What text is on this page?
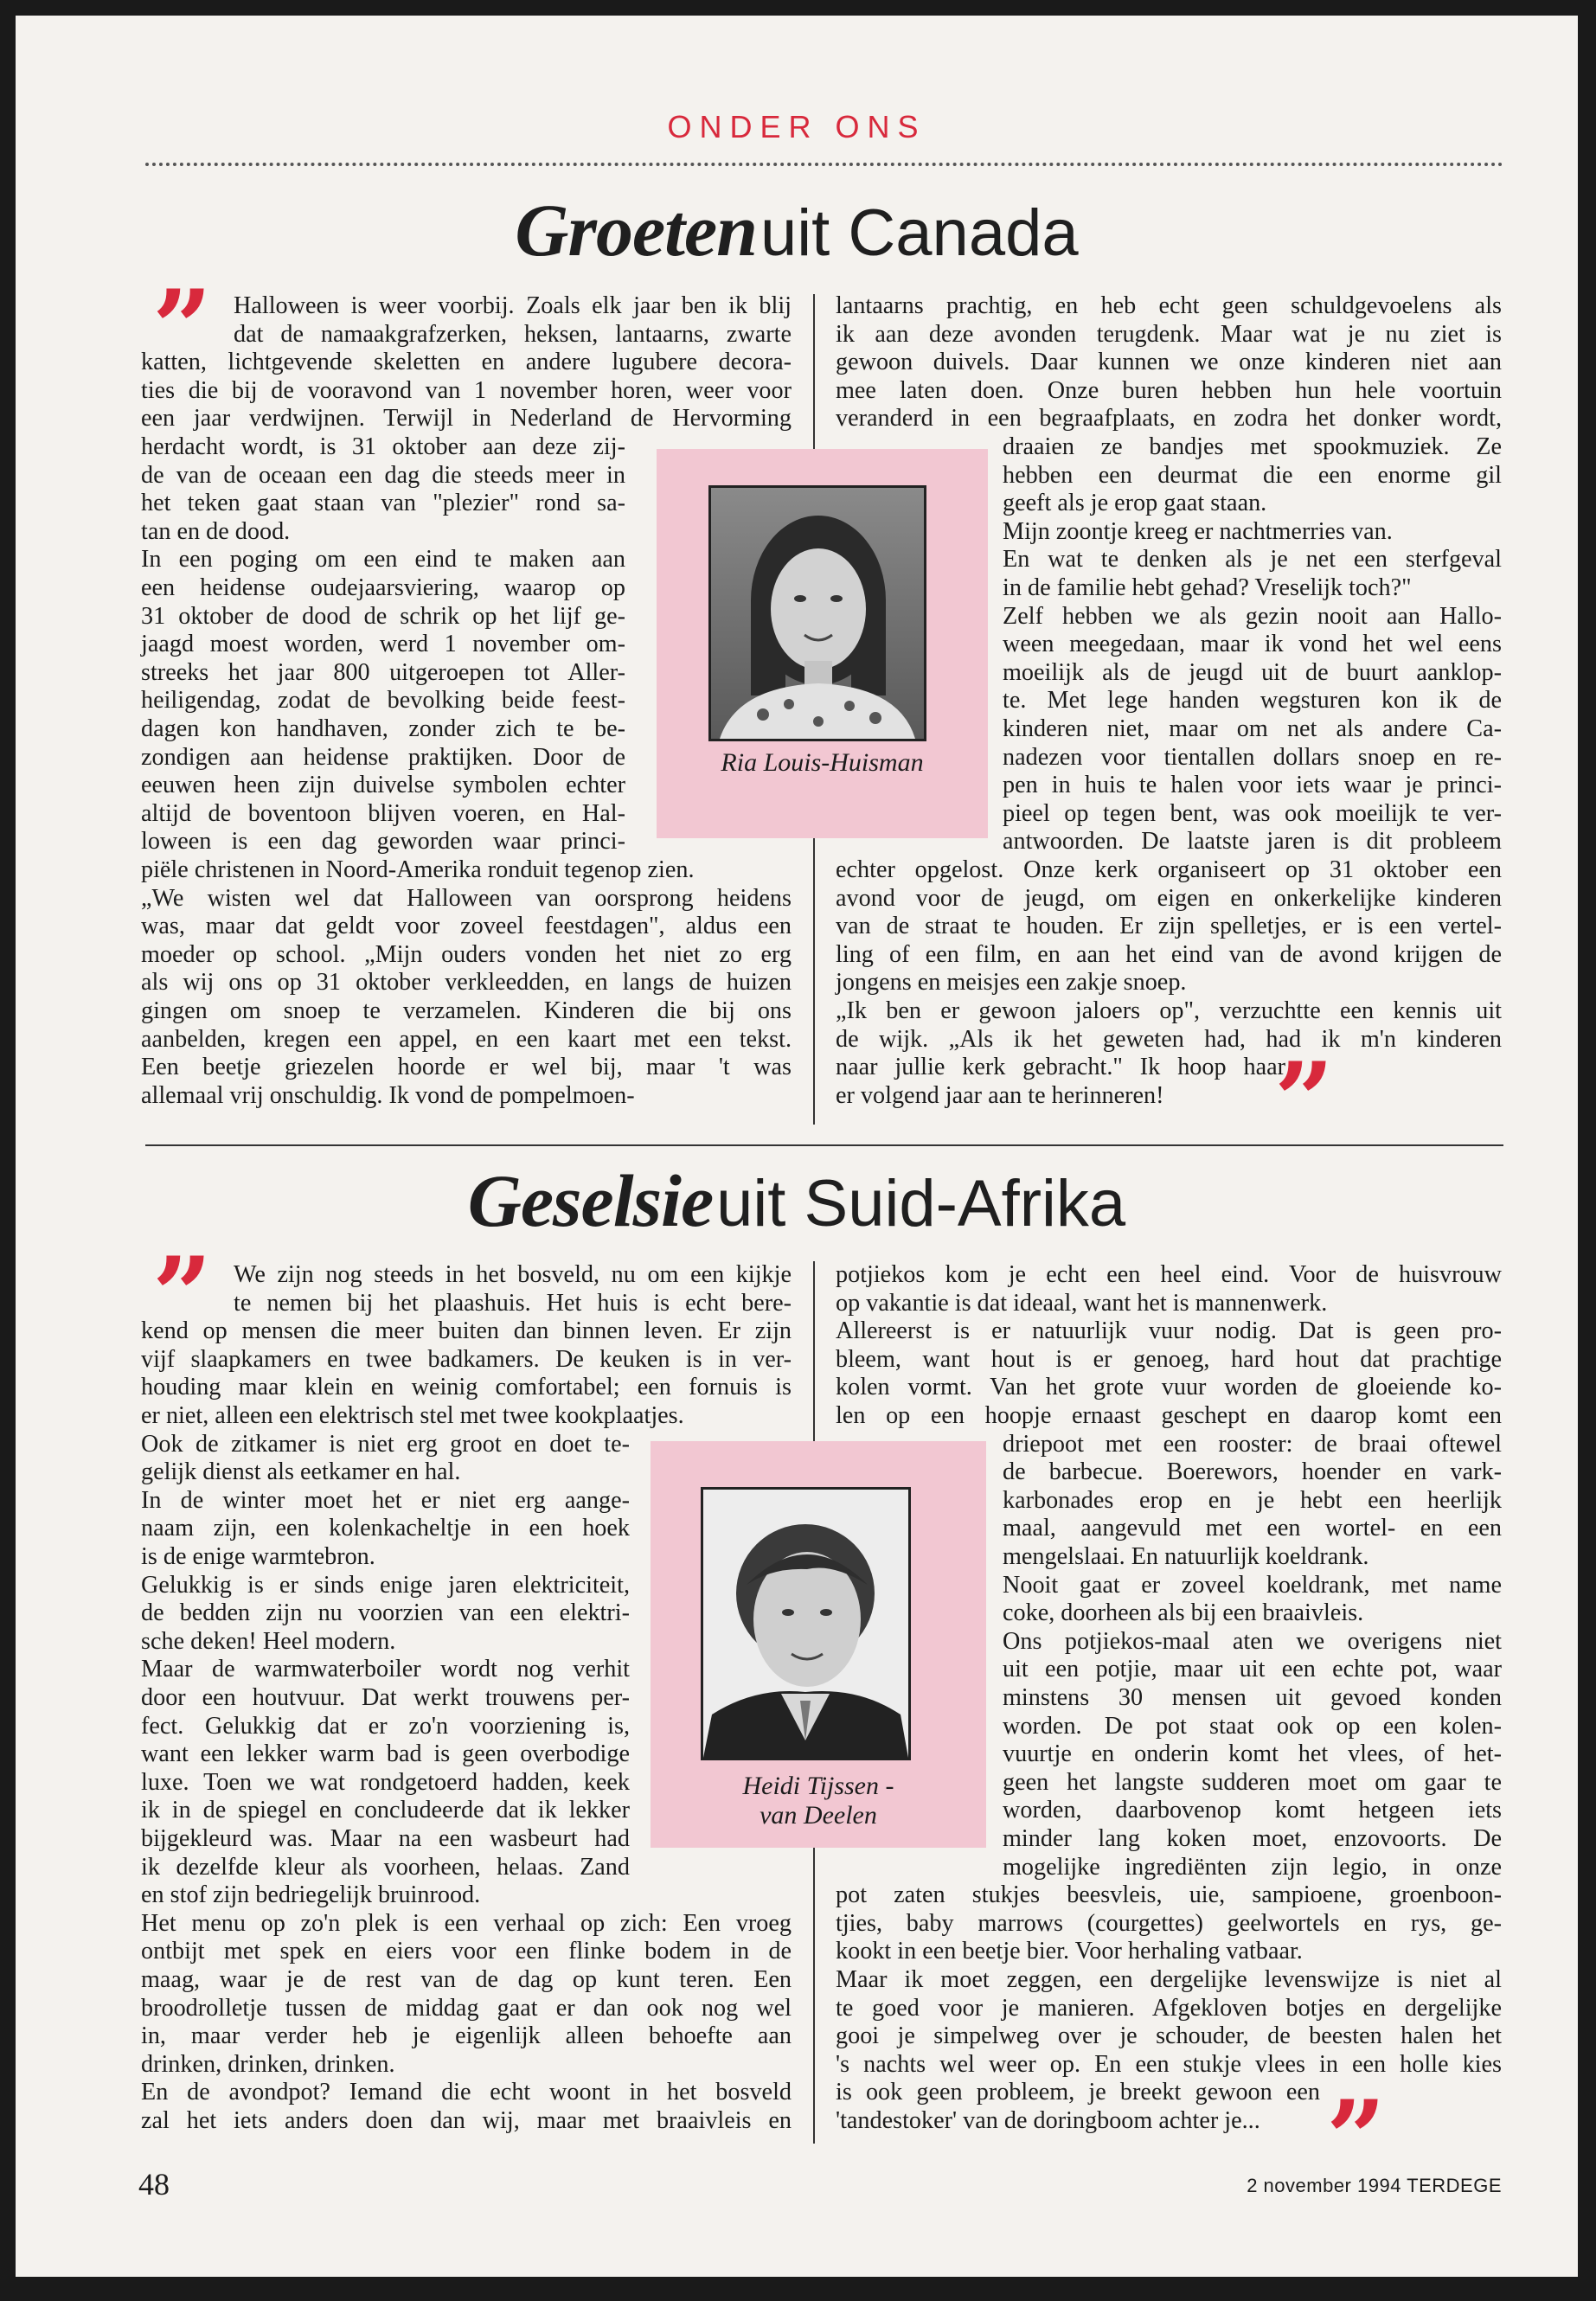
ONDER ONS
Groeten uit Canada
” Halloween is weer voorbij. Zoals elk jaar ben ik blij
dat de namaakgrafzerken, heksen, lantaarns, zwarte
katten, lichtgevende skeletten en andere lugubere decora-
ties die bij de vooravond van 1 november horen, weer voor
een jaar verdwijnen. Terwijl in Nederland de Hervorming
herdacht wordt, is 31 oktober aan deze zij-
de van de oceaan een dag die steeds meer in
het teken gaat staan van "plezier" rond sa-
tan en de dood.
In een poging om een eind te maken aan
een heidense oudejaarsviering, waarop op
31 oktober de dood de schrik op het lijf ge-
jaagd moest worden, werd 1 november om-
streeks het jaar 800 uitgeroepen tot Aller-
heiligendag, zodat de bevolking beide feest-
dagen kon handhaven, zonder zich te be-
zondigen aan heidense praktijken. Door de
eeuwen heen zijn duivelse symbolen echter
altijd de boventoon blijven voeren, en Hal-
loween is een dag geworden waar princi-
piële christenen in Noord-Amerika ronduit tegenop zien.
„We wisten wel dat Halloween van oorsprong heidens
was, maar dat geldt voor zoveel feestdagen", aldus een
moeder op school. „Mijn ouders vonden het niet zo erg
als wij ons op 31 oktober verkleedden, en langs de huizen
gingen om snoep te verzamelen. Kinderen die bij ons
aanbelden, kregen een appel, en een kaart met een tekst.
Een beetje griezelen hoorde er wel bij, maar 't was
allemaal vrij onschuldig. Ik vond de pompelmoen-
lantaarns prachtig, en heb echt geen schuldgevoelens als
ik aan deze avonden terugdenk. Maar wat je nu ziet is
gewoon duivels. Daar kunnen we onze kinderen niet aan
mee laten doen. Onze buren hebben hun hele voortuin
veranderd in een begraafplaats, en zodra het donker wordt,
draaien ze bandjes met spookmuziek. Ze
hebben een deurmat die een enorme gil
geeft als je erop gaat staan.
Mijn zoontje kreeg er nachtmerries van.
En wat te denken als je net een sterfgeval
in de familie hebt gehad? Vreselijk toch?"
Zelf hebben we als gezin nooit aan Hallo-
ween meegedaan, maar ik vond het wel eens
moeilijk als de jeugd uit de buurt aanklop-
te. Met lege handen wegsturen kon ik de
kinderen niet, maar om net als andere Ca-
nadezen voor tientallen dollars snoep en re-
pen in huis te halen voor iets waar je princi-
pieel op tegen bent, was ook moeilijk te ver-
antwoorden. De laatste jaren is dit probleem
echter opgelost. Onze kerk organiseert op 31 oktober een
avond voor de jeugd, om eigen en onkerkelijke kinderen
van de straat te houden. Er zijn spelletjes, er is een vertel-
ling of een film, en aan het eind van de avond krijgen de
jongens en meisjes een zakje snoep.
„Ik ben er gewoon jaloers op", verzuchtte een kennis uit
de wijk. „Als ik het geweten had, had ik m'n kinderen
naar jullie kerk gebracht." Ik hoop haar
er volgend jaar aan te herinneren!
Ria Louis-Huisman
”
Geselsie uit Suid-Afrika
” We zijn nog steeds in het bosveld, nu om een kijkje
te nemen bij het plaashuis. Het huis is echt bere-
kend op mensen die meer buiten dan binnen leven. Er zijn
vijf slaapkamers en twee badkamers. De keuken is in ver-
houding maar klein en weinig comfortabel; een fornuis is
er niet, alleen een elektrisch stel met twee kookplaatjes.
Ook de zitkamer is niet erg groot en doet te-
gelijk dienst als eetkamer en hal.
In de winter moet het er niet erg aange-
naam zijn, een kolenkacheltje in een hoek
is de enige warmtebron.
Gelukkig is er sinds enige jaren elektriciteit,
de bedden zijn nu voorzien van een elektri-
sche deken! Heel modern.
Maar de warmwaterboiler wordt nog verhit
door een houtvuur. Dat werkt trouwens per-
fect. Gelukkig dat er zo'n voorziening is,
want een lekker warm bad is geen overbodige
luxe. Toen we wat rondgetoerd hadden, keek
ik in de spiegel en concludeerde dat ik lekker
bijgekleurd was. Maar na een wasbeurt had
ik dezelfde kleur als voorheen, helaas. Zand
en stof zijn bedriegelijk bruinrood.
Het menu op zo'n plek is een verhaal op zich: Een vroeg
ontbijt met spek en eiers voor een flinke bodem in de
maag, waar je de rest van de dag op kunt teren. Een
broodrolletje tussen de middag gaat er dan ook nog wel
in, maar verder heb je eigenlijk alleen behoefte aan
drinken, drinken, drinken.
En de avondpot? Iemand die echt woont in het bosveld
zal het iets anders doen dan wij, maar met braaivleis en
potjiekos kom je echt een heel eind. Voor de huisvrouw
op vakantie is dat ideaal, want het is mannenwerk.
Allereerst is er natuurlijk vuur nodig. Dat is geen pro-
bleem, want hout is er genoeg, hard hout dat prachtige
kolen vormt. Van het grote vuur worden de gloeiende ko-
len op een hoopje ernaast geschept en daarop komt een
driepoot met een rooster: de braai oftewel
de barbecue. Boerewors, hoender en vark-
karbonades erop en je hebt een heerlijk
maal, aangevuld met een wortel- en een
mengelslaai. En natuurlijk koeldrank.
Nooit gaat er zoveel koeldrank, met name
coke, doorheen als bij een braaivleis.
Ons potjiekos-maal aten we overigens niet
uit een potjie, maar uit een echte pot, waar
minstens 30 mensen uit gevoed konden
worden. De pot staat ook op een kolen-
vuurtje en onderin komt het vlees, of het-
geen het langste sudderen moet om gaar te
worden, daarbovenop komt hetgeen iets
minder lang koken moet, enzovoorts. De
mogelijke ingrediënten zijn legio, in onze
pot zaten stukjes beesvleis, uie, sampioene, groenboon-
tjies, baby marrows (courgettes) geelwortels en rys, ge-
kookt in een beetje bier. Voor herhaling vatbaar.
Maar ik moet zeggen, een dergelijke levenswijze is niet al
te goed voor je manieren. Afgekloven botjes en dergelijke
gooi je simpelweg over je schouder, de beesten halen het
's nachts wel weer op. En een stukje vlees in een holle kies
is ook geen probleem, je breekt gewoon een
'tandestoker' van de doringboom achter je...
Heidi Tijssen -
van Deelen
”
48	2 november 1994 TERDEGE
